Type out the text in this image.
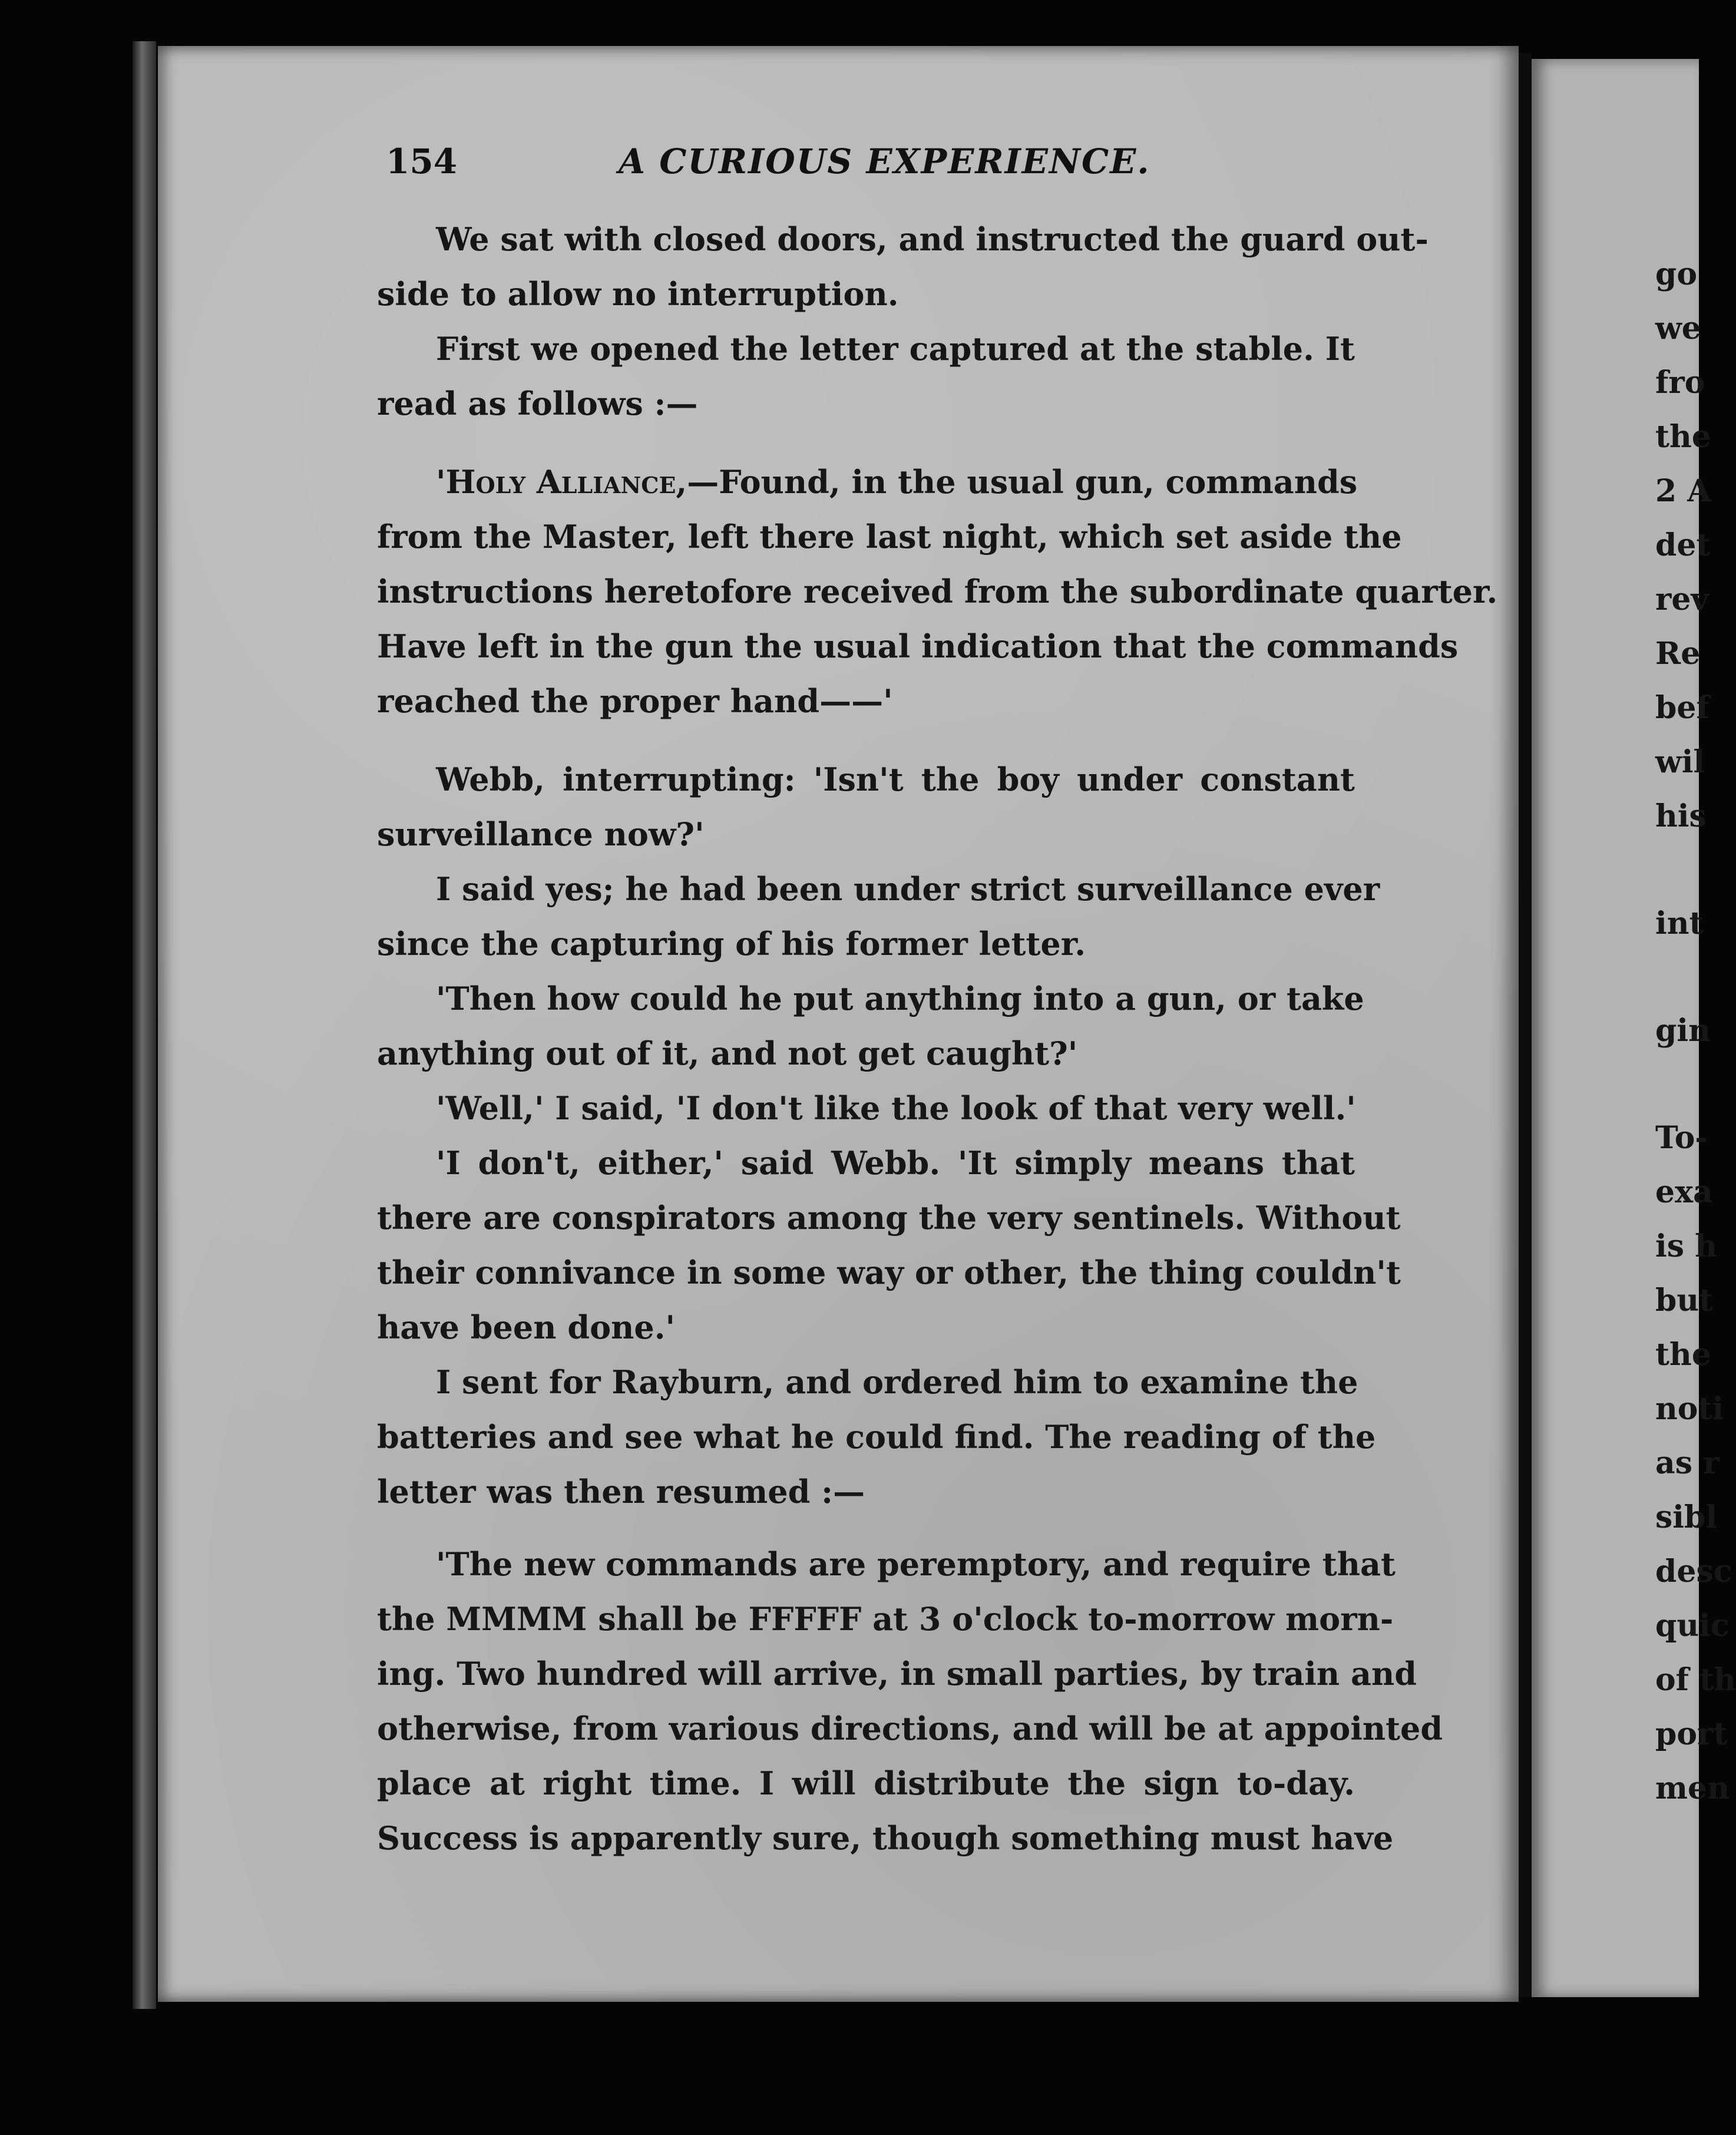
154	A CURIOUS EXPERIENCE.
We sat with closed doors, and instructed the guard out-
side to allow no interruption.
First we opened the letter captured at the stable. It
read as follows :—
'Holy Alliance,—Found, in the usual gun, commands
from the Master, left there last night, which set aside the
instructions heretofore received from the subordinate quarter.
Have left in the gun the usual indication that the commands
reached the proper hand——'
Webb, interrupting: 'Isn't the boy under constant
surveillance now?'
I said yes; he had been under strict surveillance ever
since the capturing of his former letter.
'Then how could he put anything into a gun, or take
anything out of it, and not get caught?'
'Well,' I said, 'I don't like the look of that very well.'
'I don't, either,' said Webb. 'It simply means that
there are conspirators among the very sentinels. Without
their connivance in some way or other, the thing couldn't
have been done.'
I sent for Rayburn, and ordered him to examine the
batteries and see what he could find. The reading of the
letter was then resumed :—
'The new commands are peremptory, and require that
the MMMM shall be FFFFF at 3 o'clock to-morrow morn-
ing. Two hundred will arrive, in small parties, by train and
otherwise, from various directions, and will be at appointed
place at right time. I will distribute the sign to-day.
Success is apparently sure, though something must have
go
we
fro
the
2 A
det
rev
Re
bef
wil
his
int
gin
To-
exa
is h
but
the
noti
as r
sibl
desc
quic
of th
port
men
